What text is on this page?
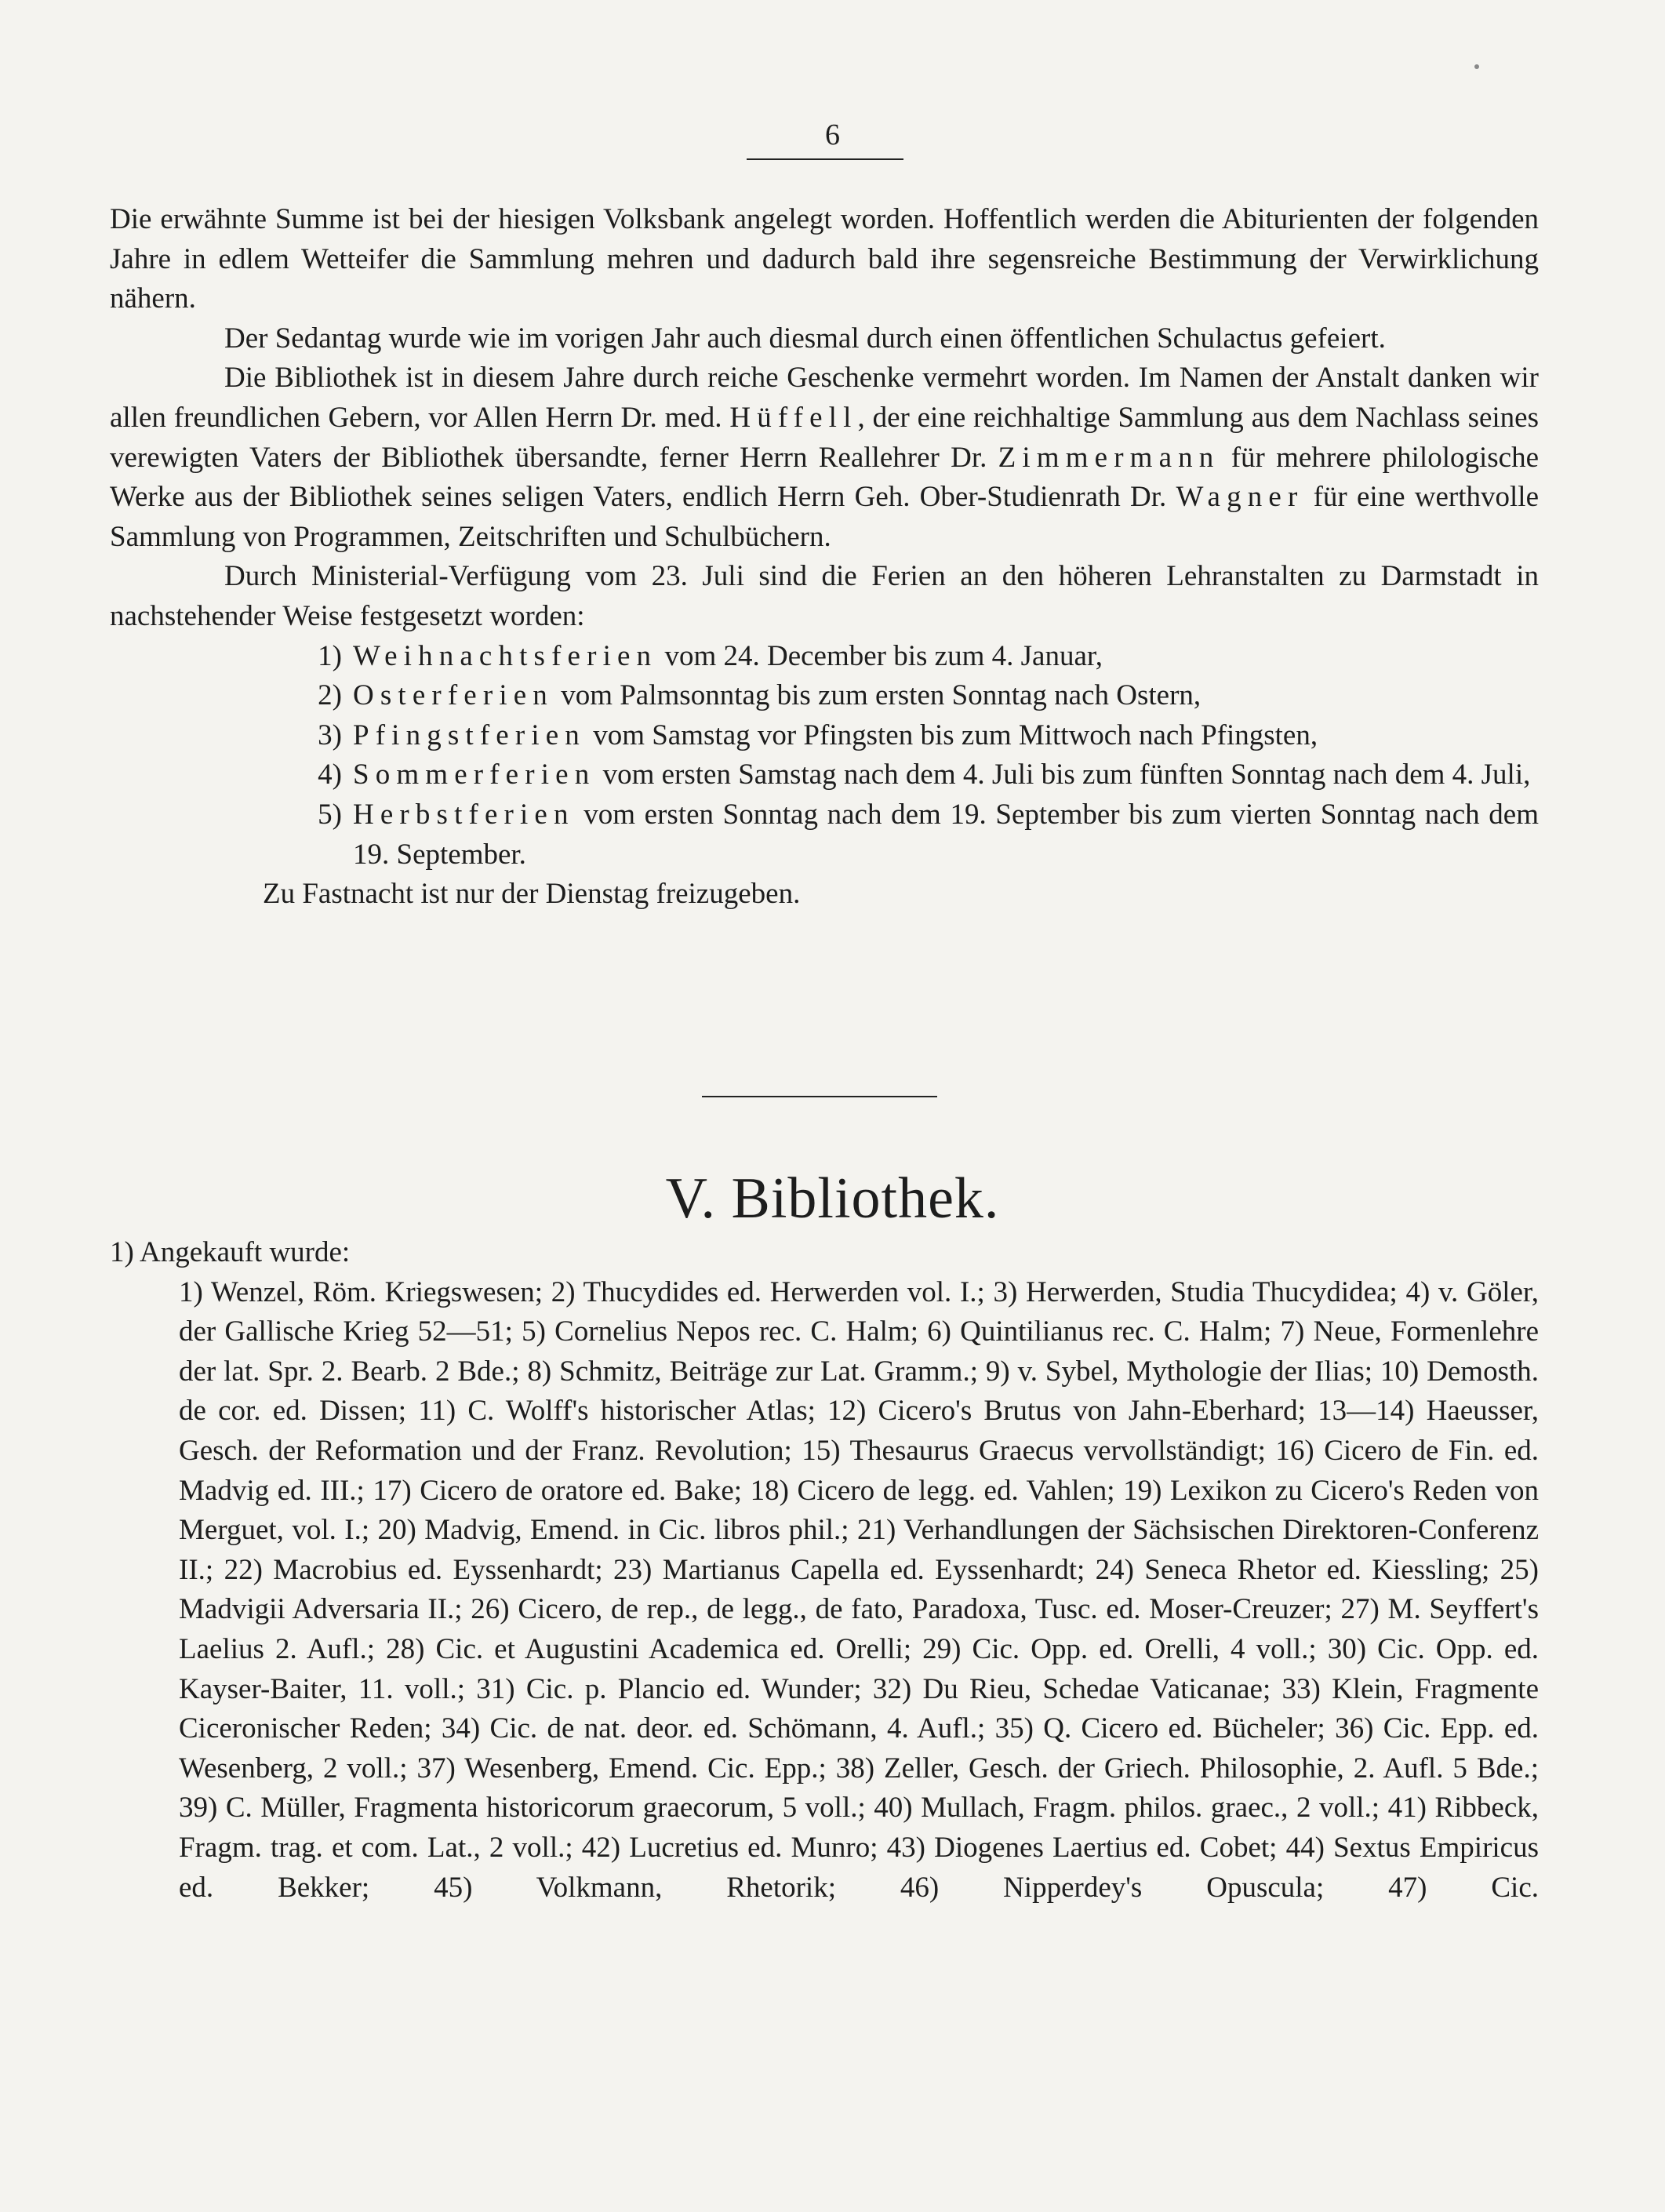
6

Die erwähnte Summe ist bei der hiesigen Volksbank angelegt worden. Hoffentlich werden die Abiturienten der folgenden Jahre in edlem Wetteifer die Sammlung mehren und dadurch bald ihre segensreiche Bestimmung der Verwirklichung nähern.

Der Sedantag wurde wie im vorigen Jahr auch diesmal durch einen öffentlichen Schulactus gefeiert.

Die Bibliothek ist in diesem Jahre durch reiche Geschenke vermehrt worden. Im Namen der Anstalt danken wir allen freundlichen Gebern, vor Allen Herrn Dr. med. Hüffell, der eine reichhaltige Sammlung aus dem Nachlass seines verewigten Vaters der Bibliothek übersandte, ferner Herrn Reallehrer Dr. Zimmermann für mehrere philologische Werke aus der Bibliothek seines seligen Vaters, endlich Herrn Geh. Ober-Studienrath Dr. Wagner für eine werthvolle Sammlung von Programmen, Zeitschriften und Schulbüchern.

Durch Ministerial-Verfügung vom 23. Juli sind die Ferien an den höheren Lehranstalten zu Darmstadt in nachstehender Weise festgesetzt worden:

1) Weihnachtsferien vom 24. December bis zum 4. Januar,
2) Osterferien vom Palmsonntag bis zum ersten Sonntag nach Ostern,
3) Pfingstferien vom Samstag vor Pfingsten bis zum Mittwoch nach Pfingsten,
4) Sommerferien vom ersten Samstag nach dem 4. Juli bis zum fünften Sonntag nach dem 4. Juli,
5) Herbstferien vom ersten Sonntag nach dem 19. September bis zum vierten Sonntag nach dem 19. September.

Zu Fastnacht ist nur der Dienstag freizugeben.

V. Bibliothek.

1) Angekauft wurde:

1) Wenzel, Röm. Kriegswesen; 2) Thucydides ed. Herwerden vol. I.; 3) Herwerden, Studia Thucydidea; 4) v. Göler, der Gallische Krieg 52—51; 5) Cornelius Nepos rec. C. Halm; 6) Quintilianus rec. C. Halm; 7) Neue, Formenlehre der lat. Spr. 2. Bearb. 2 Bde.; 8) Schmitz, Beiträge zur Lat. Gramm.; 9) v. Sybel, Mythologie der Ilias; 10) Demosth. de cor. ed. Dissen; 11) C. Wolff's historischer Atlas; 12) Cicero's Brutus von Jahn-Eberhard; 13—14) Haeusser, Gesch. der Reformation und der Franz. Revolution; 15) Thesaurus Graecus vervollständigt; 16) Cicero de Fin. ed. Madvig ed. III.; 17) Cicero de oratore ed. Bake; 18) Cicero de legg. ed. Vahlen; 19) Lexikon zu Cicero's Reden von Merguet, vol. I.; 20) Madvig, Emend. in Cic. libros phil.; 21) Verhandlungen der Sächsischen Direktoren-Conferenz II.; 22) Macrobius ed. Eyssenhardt; 23) Martianus Capella ed. Eyssenhardt; 24) Seneca Rhetor ed. Kiessling; 25) Madvigii Adversaria II.; 26) Cicero, de rep., de legg., de fato, Paradoxa, Tusc. ed. Moser-Creuzer; 27) M. Seyffert's Laelius 2. Aufl.; 28) Cic. et Augustini Academica ed. Orelli; 29) Cic. Opp. ed. Orelli, 4 voll.; 30) Cic. Opp. ed. Kayser-Baiter, 11. voll.; 31) Cic. p. Plancio ed. Wunder; 32) Du Rieu, Schedae Vaticanae; 33) Klein, Fragmente Ciceronischer Reden; 34) Cic. de nat. deor. ed. Schömann, 4. Aufl.; 35) Q. Cicero ed. Bücheler; 36) Cic. Epp. ed. Wesenberg, 2 voll.; 37) Wesenberg, Emend. Cic. Epp.; 38) Zeller, Gesch. der Griech. Philosophie, 2. Aufl. 5 Bde.; 39) C. Müller, Fragmenta historicorum graecorum, 5 voll.; 40) Mullach, Fragm. philos. graec., 2 voll.; 41) Ribbeck, Fragm. trag. et com. Lat., 2 voll.; 42) Lucretius ed. Munro; 43) Diogenes Laertius ed. Cobet; 44) Sextus Empiricus ed. Bekker; 45) Volkmann, Rhetorik; 46) Nipperdey's Opuscula; 47) Cic.
